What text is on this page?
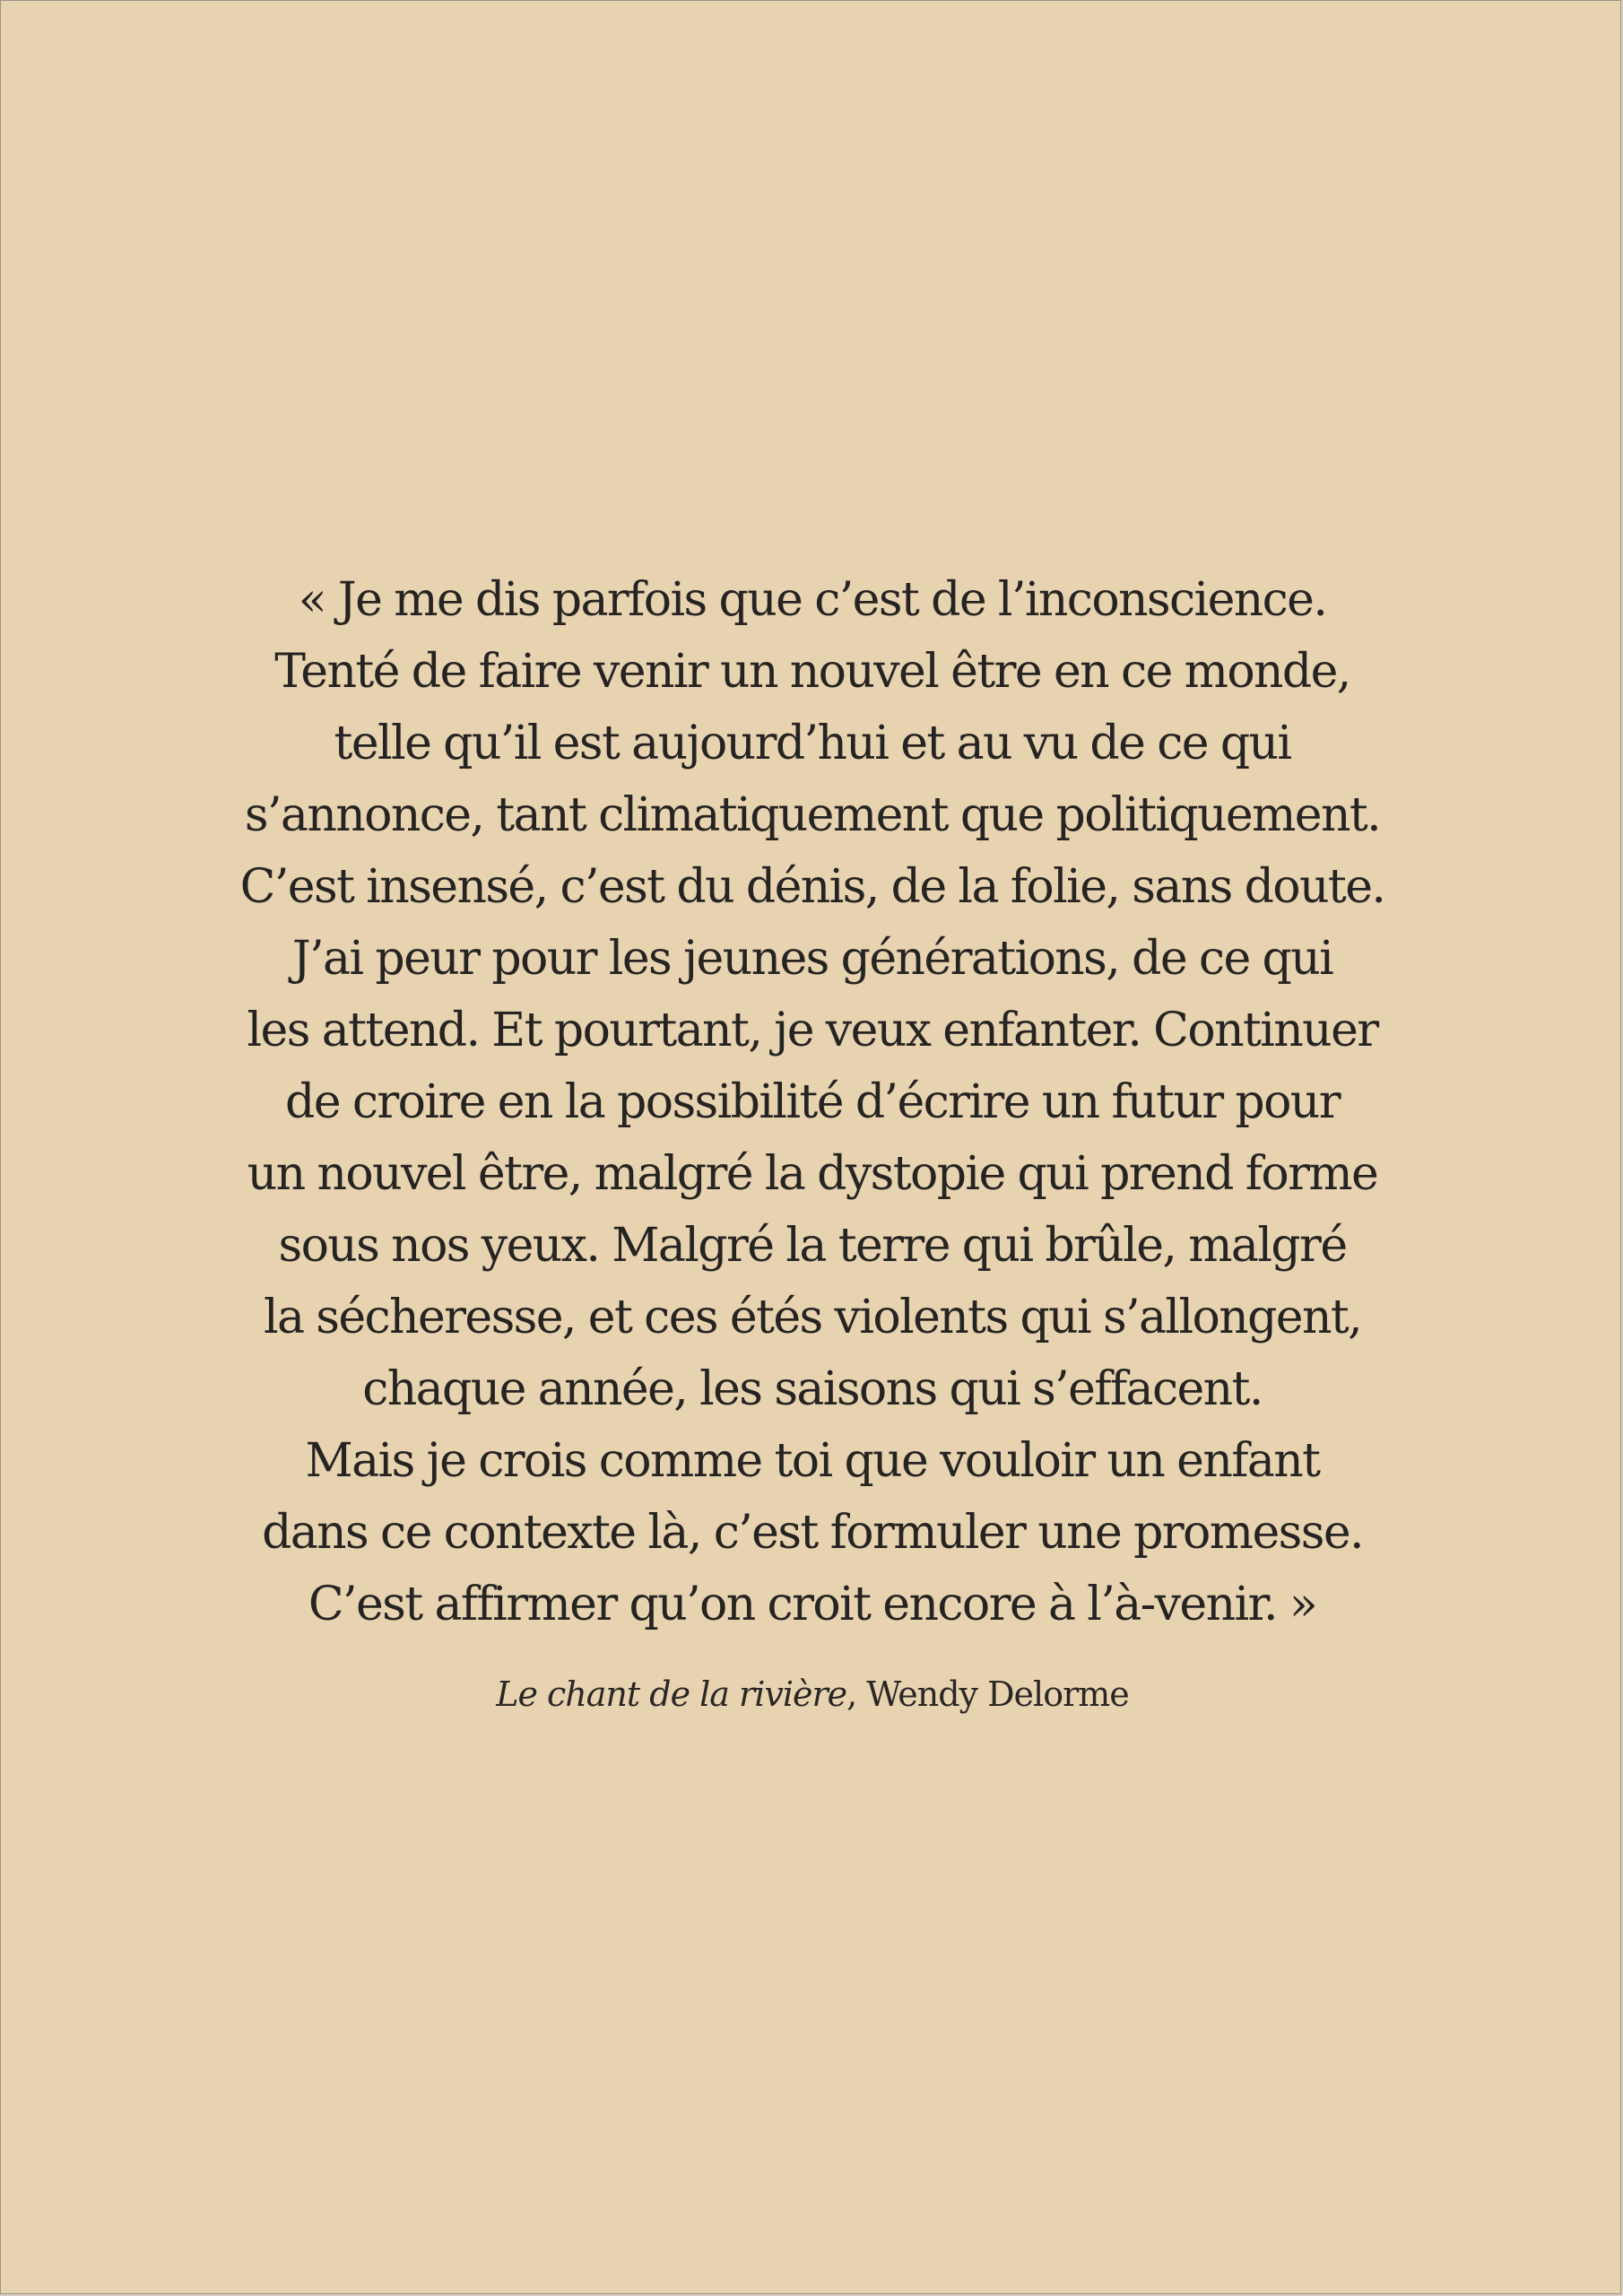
« Je me dis parfois que c’est de l’inconscience.
Tenté de faire venir un nouvel être en ce monde,
telle qu’il est aujourd’hui et au vu de ce qui
s’annonce, tant climatiquement que politiquement.
C’est insensé, c’est du dénis, de la folie, sans doute.
J’ai peur pour les jeunes générations, de ce qui
les attend. Et pourtant, je veux enfanter. Continuer
de croire en la possibilité d’écrire un futur pour
un nouvel être, malgré la dystopie qui prend forme
sous nos yeux. Malgré la terre qui brûle, malgré
la sécheresse, et ces étés violents qui s’allongent,
chaque année, les saisons qui s’effacent.
Mais je crois comme toi que vouloir un enfant
dans ce contexte là, c’est formuler une promesse.
C’est affirmer qu’on croit encore à l’à-venir. »
Le chant de la rivière, Wendy Delorme
